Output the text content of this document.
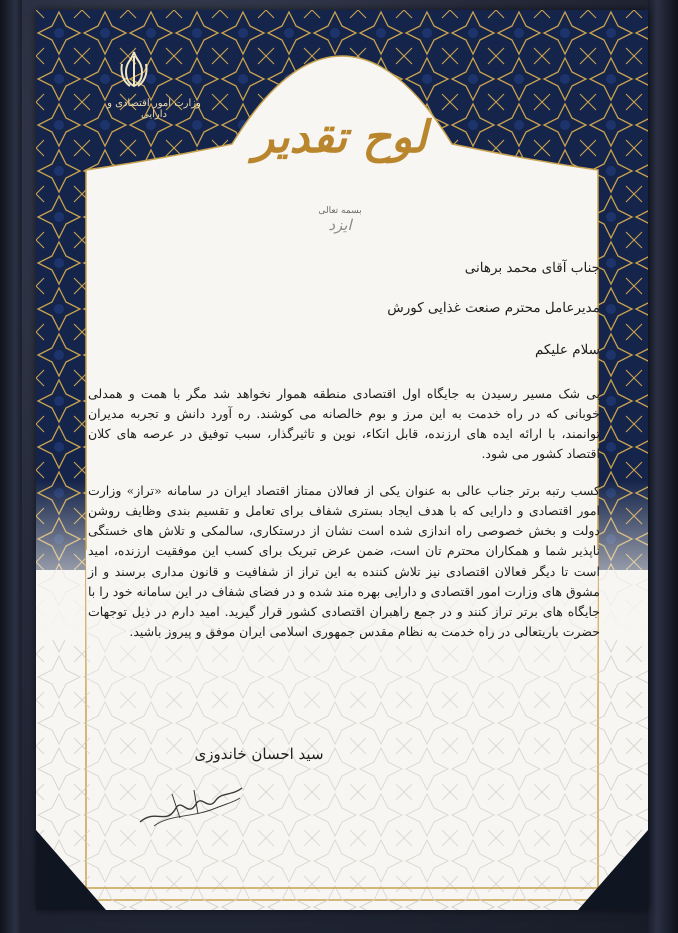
وزارت امور اقتصادی و دارایی	لوح تقدیر
بسمه تعالی
ایزد
جناب آقای محمد برهانی
مدیرعامل محترم صنعت غذایی کورش
سلام علیکم

بی شک مسیر رسیدن به جایگاه اول اقتصادی منطقه هموار نخواهد شد مگر با همت و همدلی خوبانی که در راه خدمت به این مرز و بوم خالصانه می کوشند. ره آورد دانش و تجربه مدیران توانمند، با ارائه ایده های ارزنده، قابل اتکاء، نوین و تاثیرگذار، سبب توفیق در عرصه های کلان اقتصاد کشور می شود.

کسب رتبه برتر جناب عالی به عنوان یکی از فعالان ممتاز اقتصاد ایران در سامانه «تراز» وزارت امور اقتصادی و دارایی که با هدف ایجاد بستری شفاف برای تعامل و تقسیم بندی وظایف روشن دولت و بخش خصوصی راه اندازی شده است نشان از درستکاری، سالمکی و تلاش های خستگی ناپذیر شما و همکاران محترم تان است، ضمن عرض تبریک برای کسب این موفقیت ارزنده، امید است تا دیگر فعالان اقتصادی نیز تلاش کننده به این تراز از شفافیت و قانون مداری برسند و از مشوق های وزارت امور اقتصادی و دارایی بهره مند شده و در فضای شفاف در این سامانه خود را با جایگاه های برتر تراز کنند و در جمع راهبران اقتصادی کشور قرار گیرید. امید دارم در ذیل توجهات حضرت باریتعالی در راه خدمت به نظام مقدس جمهوری اسلامی ایران موفق و پیروز باشید.

سید احسان خاندوزی
